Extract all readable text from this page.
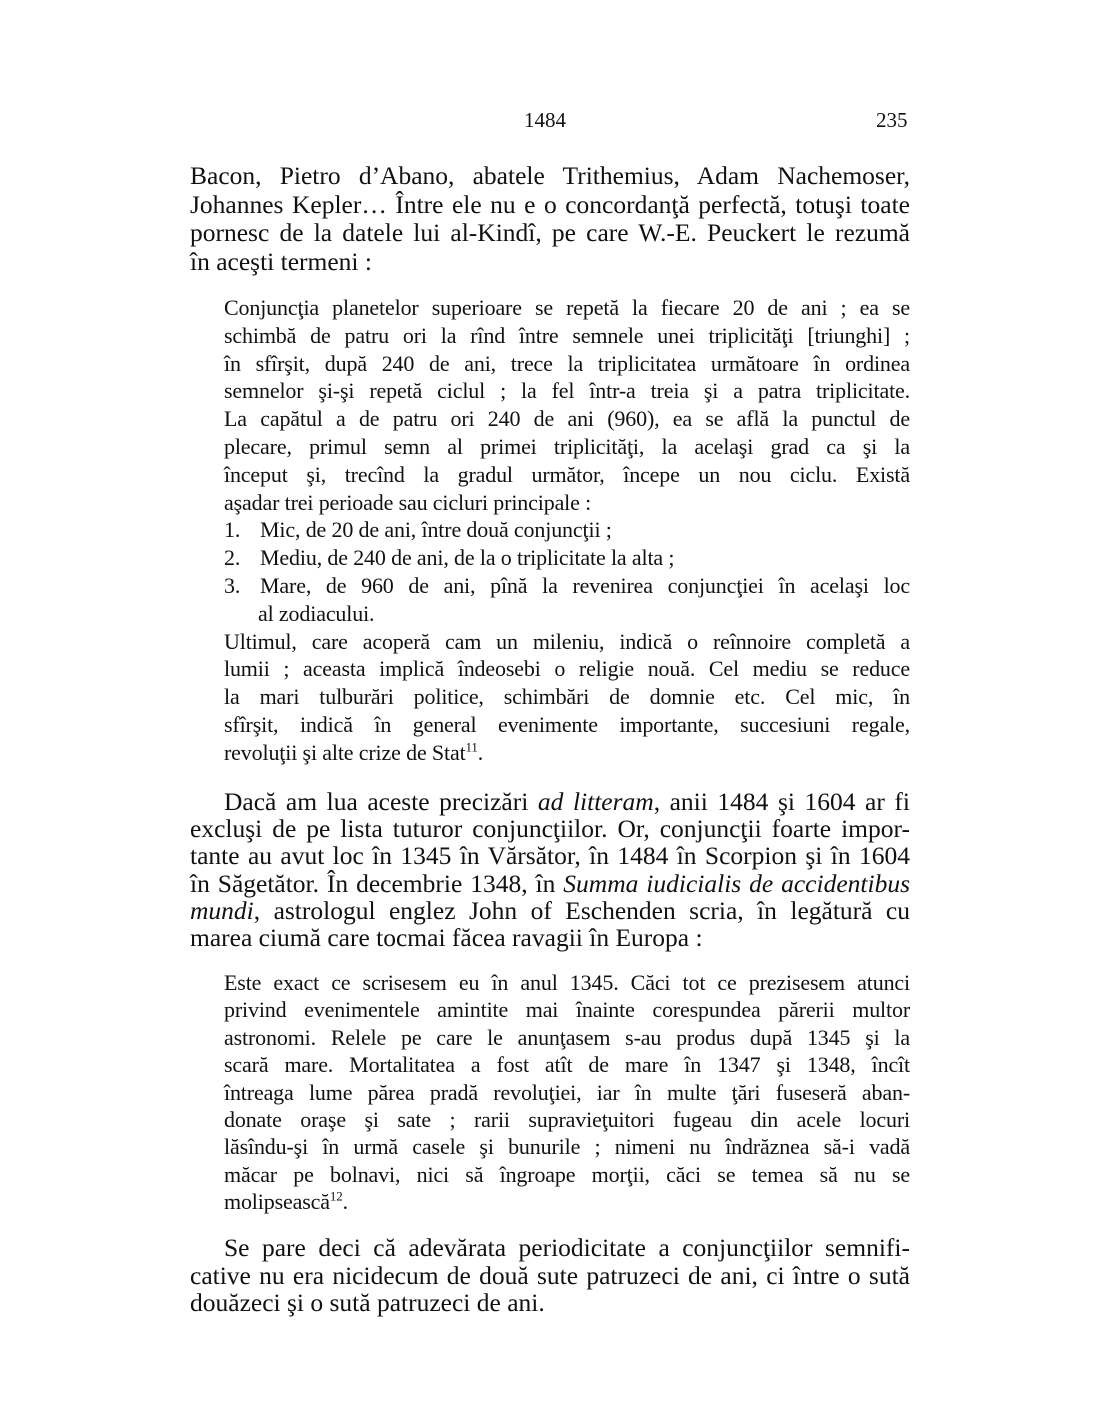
1484	235
Bacon, Pietro d’Abano, abatele Trithemius, Adam Nachemoser,
Johannes Kepler… Între ele nu e o concordanţă perfectă, totuşi toate
pornesc de la datele lui al-Kindî, pe care W.-E. Peuckert le rezumă
în aceşti termeni :
Conjuncţia planetelor superioare se repetă la fiecare 20 de ani ; ea se
schimbă de patru ori la rînd între semnele unei triplicităţi [triunghi] ;
în sfîrşit, după 240 de ani, trece la triplicitatea următoare în ordinea
semnelor şi-şi repetă ciclul ; la fel într-a treia şi a patra triplicitate.
La capătul a de patru ori 240 de ani (960), ea se află la punctul de
plecare, primul semn al primei triplicităţi, la acelaşi grad ca şi la
început şi, trecînd la gradul următor, începe un nou ciclu. Există
aşadar trei perioade sau cicluri principale :
1. Mic, de 20 de ani, între două conjuncţii ;
2. Mediu, de 240 de ani, de la o triplicitate la alta ;
3. Mare, de 960 de ani, pînă la revenirea conjuncţiei în acelaşi loc
al zodiacului.
Ultimul, care acoperă cam un mileniu, indică o reînnoire completă a
lumii ; aceasta implică îndeosebi o religie nouă. Cel mediu se reduce
la mari tulburări politice, schimbări de domnie etc. Cel mic, în
sfîrşit, indică în general evenimente importante, succesiuni regale,
revoluţii şi alte crize de Stat$^{11}$.
Dacă am lua aceste precizări ad litteram, anii 1484 şi 1604 ar fi
excluşi de pe lista tuturor conjuncţiilor. Or, conjuncţii foarte impor-
tante au avut loc în 1345 în Vărsător, în 1484 în Scorpion şi în 1604
în Săgetător. În decembrie 1348, în Summa iudicialis de accidentibus
mundi, astrologul englez John of Eschenden scria, în legătură cu
marea ciumă care tocmai făcea ravagii în Europa :
Este exact ce scrisesem eu în anul 1345. Căci tot ce prezisesem atunci
privind evenimentele amintite mai înainte corespundea părerii multor
astronomi. Relele pe care le anunţasem s-au produs după 1345 şi la
scară mare. Mortalitatea a fost atît de mare în 1347 şi 1348, încît
întreaga lume părea pradă revoluţiei, iar în multe ţări fuseseră aban-
donate oraşe şi sate ; rarii supravieţuitori fugeau din acele locuri
lăsîndu-şi în urmă casele şi bunurile ; nimeni nu îndrăznea să-i vadă
măcar pe bolnavi, nici să îngroape morţii, căci se temea să nu se
molipsească$^{12}$.
Se pare deci că adevărata periodicitate a conjuncţiilor semnifi-
cative nu era nicidecum de două sute patruzeci de ani, ci între o sută
douăzeci şi o sută patruzeci de ani.
